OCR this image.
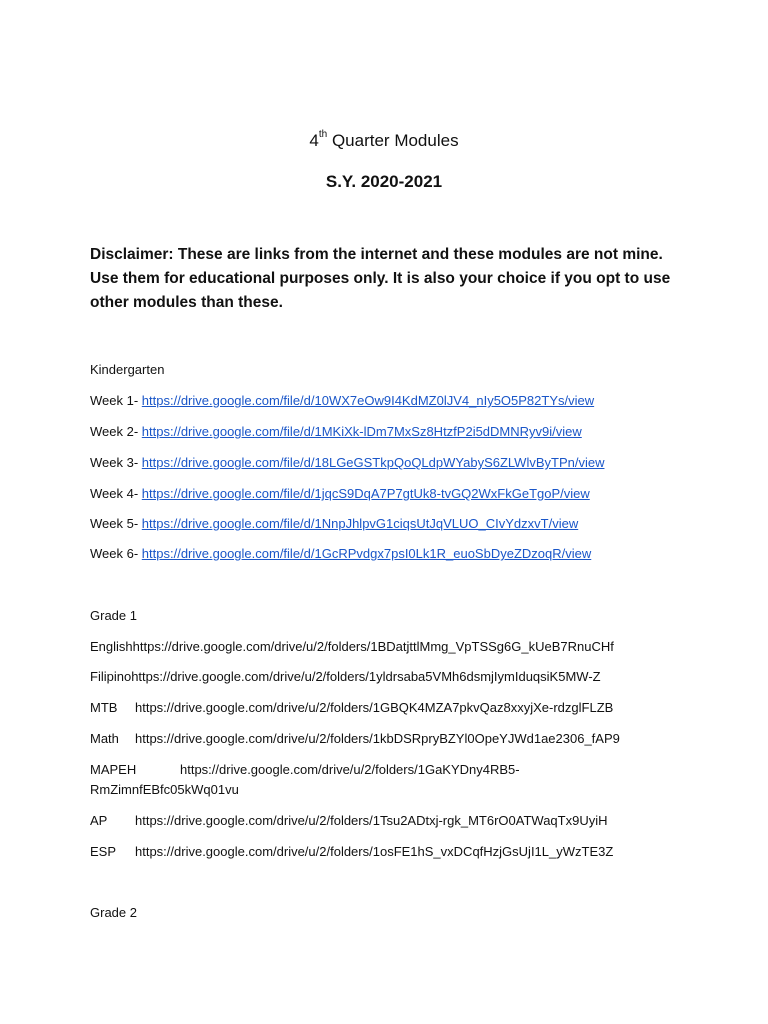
4th Quarter Modules
S.Y. 2020-2021
Disclaimer: These are links from the internet and these modules are not mine. Use them for educational purposes only. It is also your choice if you opt to use other modules than these.
Kindergarten
Week 1- https://drive.google.com/file/d/10WX7eOw9I4KdMZ0lJV4_nIy5O5P82TYs/view
Week 2- https://drive.google.com/file/d/1MKiXk-lDm7MxSz8HtzfP2i5dDMNRyv9i/view
Week 3- https://drive.google.com/file/d/18LGeGSTkpQoQLdpWYabyS6ZLWlvByTPn/view
Week 4- https://drive.google.com/file/d/1jqcS9DqA7P7gtUk8-tvGQ2WxFkGeTgoP/view
Week 5- https://drive.google.com/file/d/1NnpJhlpvG1ciqsUtJqVLUO_CIvYdzxvT/view
Week 6- https://drive.google.com/file/d/1GcRPvdgx7psI0Lk1R_euoSbDyeZDzoqR/view
Grade 1
Englishhttps://drive.google.com/drive/u/2/folders/1BDatjttlMmg_VpTSSg6G_kUeB7RnuCHf
Filipinohttps://drive.google.com/drive/u/2/folders/1yldrsaba5VMh6dsmjIymIduqsiK5MW-Z
MTB https://drive.google.com/drive/u/2/folders/1GBQK4MZA7pkvQaz8xxyjXe-rdzglFLZB
Math https://drive.google.com/drive/u/2/folders/1kbDSRpryBZYl0OpeYJWd1ae2306_fAP9
MAPEH	https://drive.google.com/drive/u/2/folders/1GaKYDny4RB5-
RmZimnfEBfc05kWq01vu
AP https://drive.google.com/drive/u/2/folders/1Tsu2ADtxj-rgk_MT6rO0ATWaqTx9UyiH
ESP https://drive.google.com/drive/u/2/folders/1osFE1hS_vxDCqfHzjGsUjI1L_yWzTE3Z
Grade 2
